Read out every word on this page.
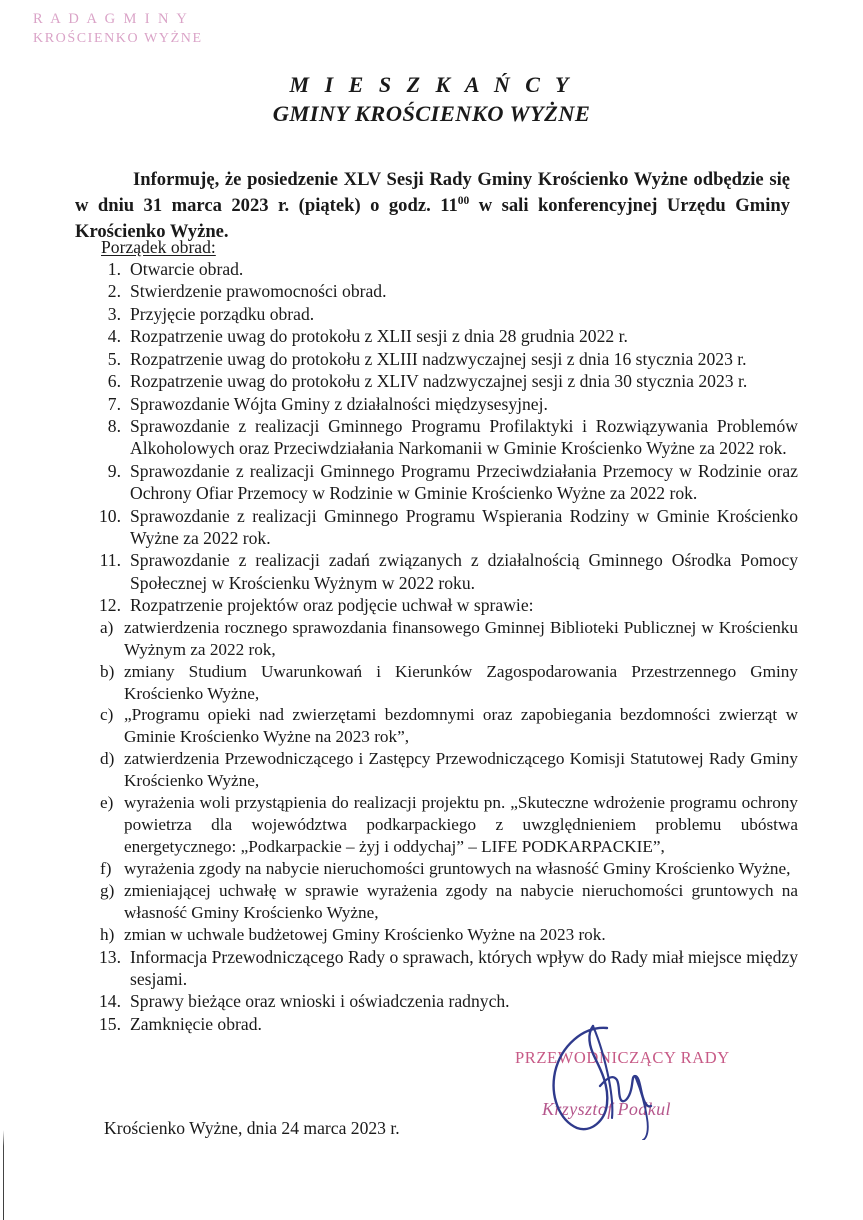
R A D A G M I N Y
KROŚCIENKO WYŻNE
M I E S Z K A Ń C Y
GMINY KROŚCIENKO WYŻNE

Informuję, że posiedzenie XLV Sesji Rady Gminy Krościenko Wyżne odbędzie się w dniu 31 marca 2023 r. (piątek) o godz. $11^{00}$ w sali konferencyjnej Urzędu Gminy Krościenko Wyżne.

Porządek obrad:
1. Otwarcie obrad.
2. Stwierdzenie prawomocności obrad.
3. Przyjęcie porządku obrad.
4. Rozpatrzenie uwag do protokołu z XLII sesji z dnia 28 grudnia 2022 r.
5. Rozpatrzenie uwag do protokołu z XLIII nadzwyczajnej sesji z dnia 16 stycznia 2023 r.
6. Rozpatrzenie uwag do protokołu z XLIV nadzwyczajnej sesji z dnia 30 stycznia 2023 r.
7. Sprawozdanie Wójta Gminy z działalności międzysesyjnej.
8. Sprawozdanie z realizacji Gminnego Programu Profilaktyki i Rozwiązywania Problemów Alkoholowych oraz Przeciwdziałania Narkomanii w Gminie Krościenko Wyżne za 2022 rok.
9. Sprawozdanie z realizacji Gminnego Programu Przeciwdziałania Przemocy w Rodzinie oraz Ochrony Ofiar Przemocy w Rodzinie w Gminie Krościenko Wyżne za 2022 rok.
10. Sprawozdanie z realizacji Gminnego Programu Wspierania Rodziny w Gminie Krościenko Wyżne za 2022 rok.
11. Sprawozdanie z realizacji zadań związanych z działalnością Gminnego Ośrodka Pomocy Społecznej w Krościenku Wyżnym w 2022 roku.
12. Rozpatrzenie projektów oraz podjęcie uchwał w sprawie:
a) zatwierdzenia rocznego sprawozdania finansowego Gminnej Biblioteki Publicznej w Krościenku Wyżnym za 2022 rok,
b) zmiany Studium Uwarunkowań i Kierunków Zagospodarowania Przestrzennego Gminy Krościenko Wyżne,
c) „Programu opieki nad zwierzętami bezdomnymi oraz zapobiegania bezdomności zwierząt w Gminie Krościenko Wyżne na 2023 rok”,
d) zatwierdzenia Przewodniczącego i Zastępcy Przewodniczącego Komisji Statutowej Rady Gminy Krościenko Wyżne,
e) wyrażenia woli przystąpienia do realizacji projektu pn. „Skuteczne wdrożenie programu ochrony powietrza dla województwa podkarpackiego z uwzględnieniem problemu ubóstwa energetycznego: „Podkarpackie – żyj i oddychaj” – LIFE PODKARPACKIE”,
f) wyrażenia zgody na nabycie nieruchomości gruntowych na własność Gminy Krościenko Wyżne,
g) zmieniającej uchwałę w sprawie wyrażenia zgody na nabycie nieruchomości gruntowych na własność Gminy Krościenko Wyżne,
h) zmian w uchwale budżetowej Gminy Krościenko Wyżne na 2023 rok.
13. Informacja Przewodniczącego Rady o sprawach, których wpływ do Rady miał miejsce między sesjami.
14. Sprawy bieżące oraz wnioski i oświadczenia radnych.
15. Zamknięcie obrad.
PRZEWODNICZĄCY RADY
Krzysztof Podkul
Krościenko Wyżne, dnia 24 marca 2023 r.
